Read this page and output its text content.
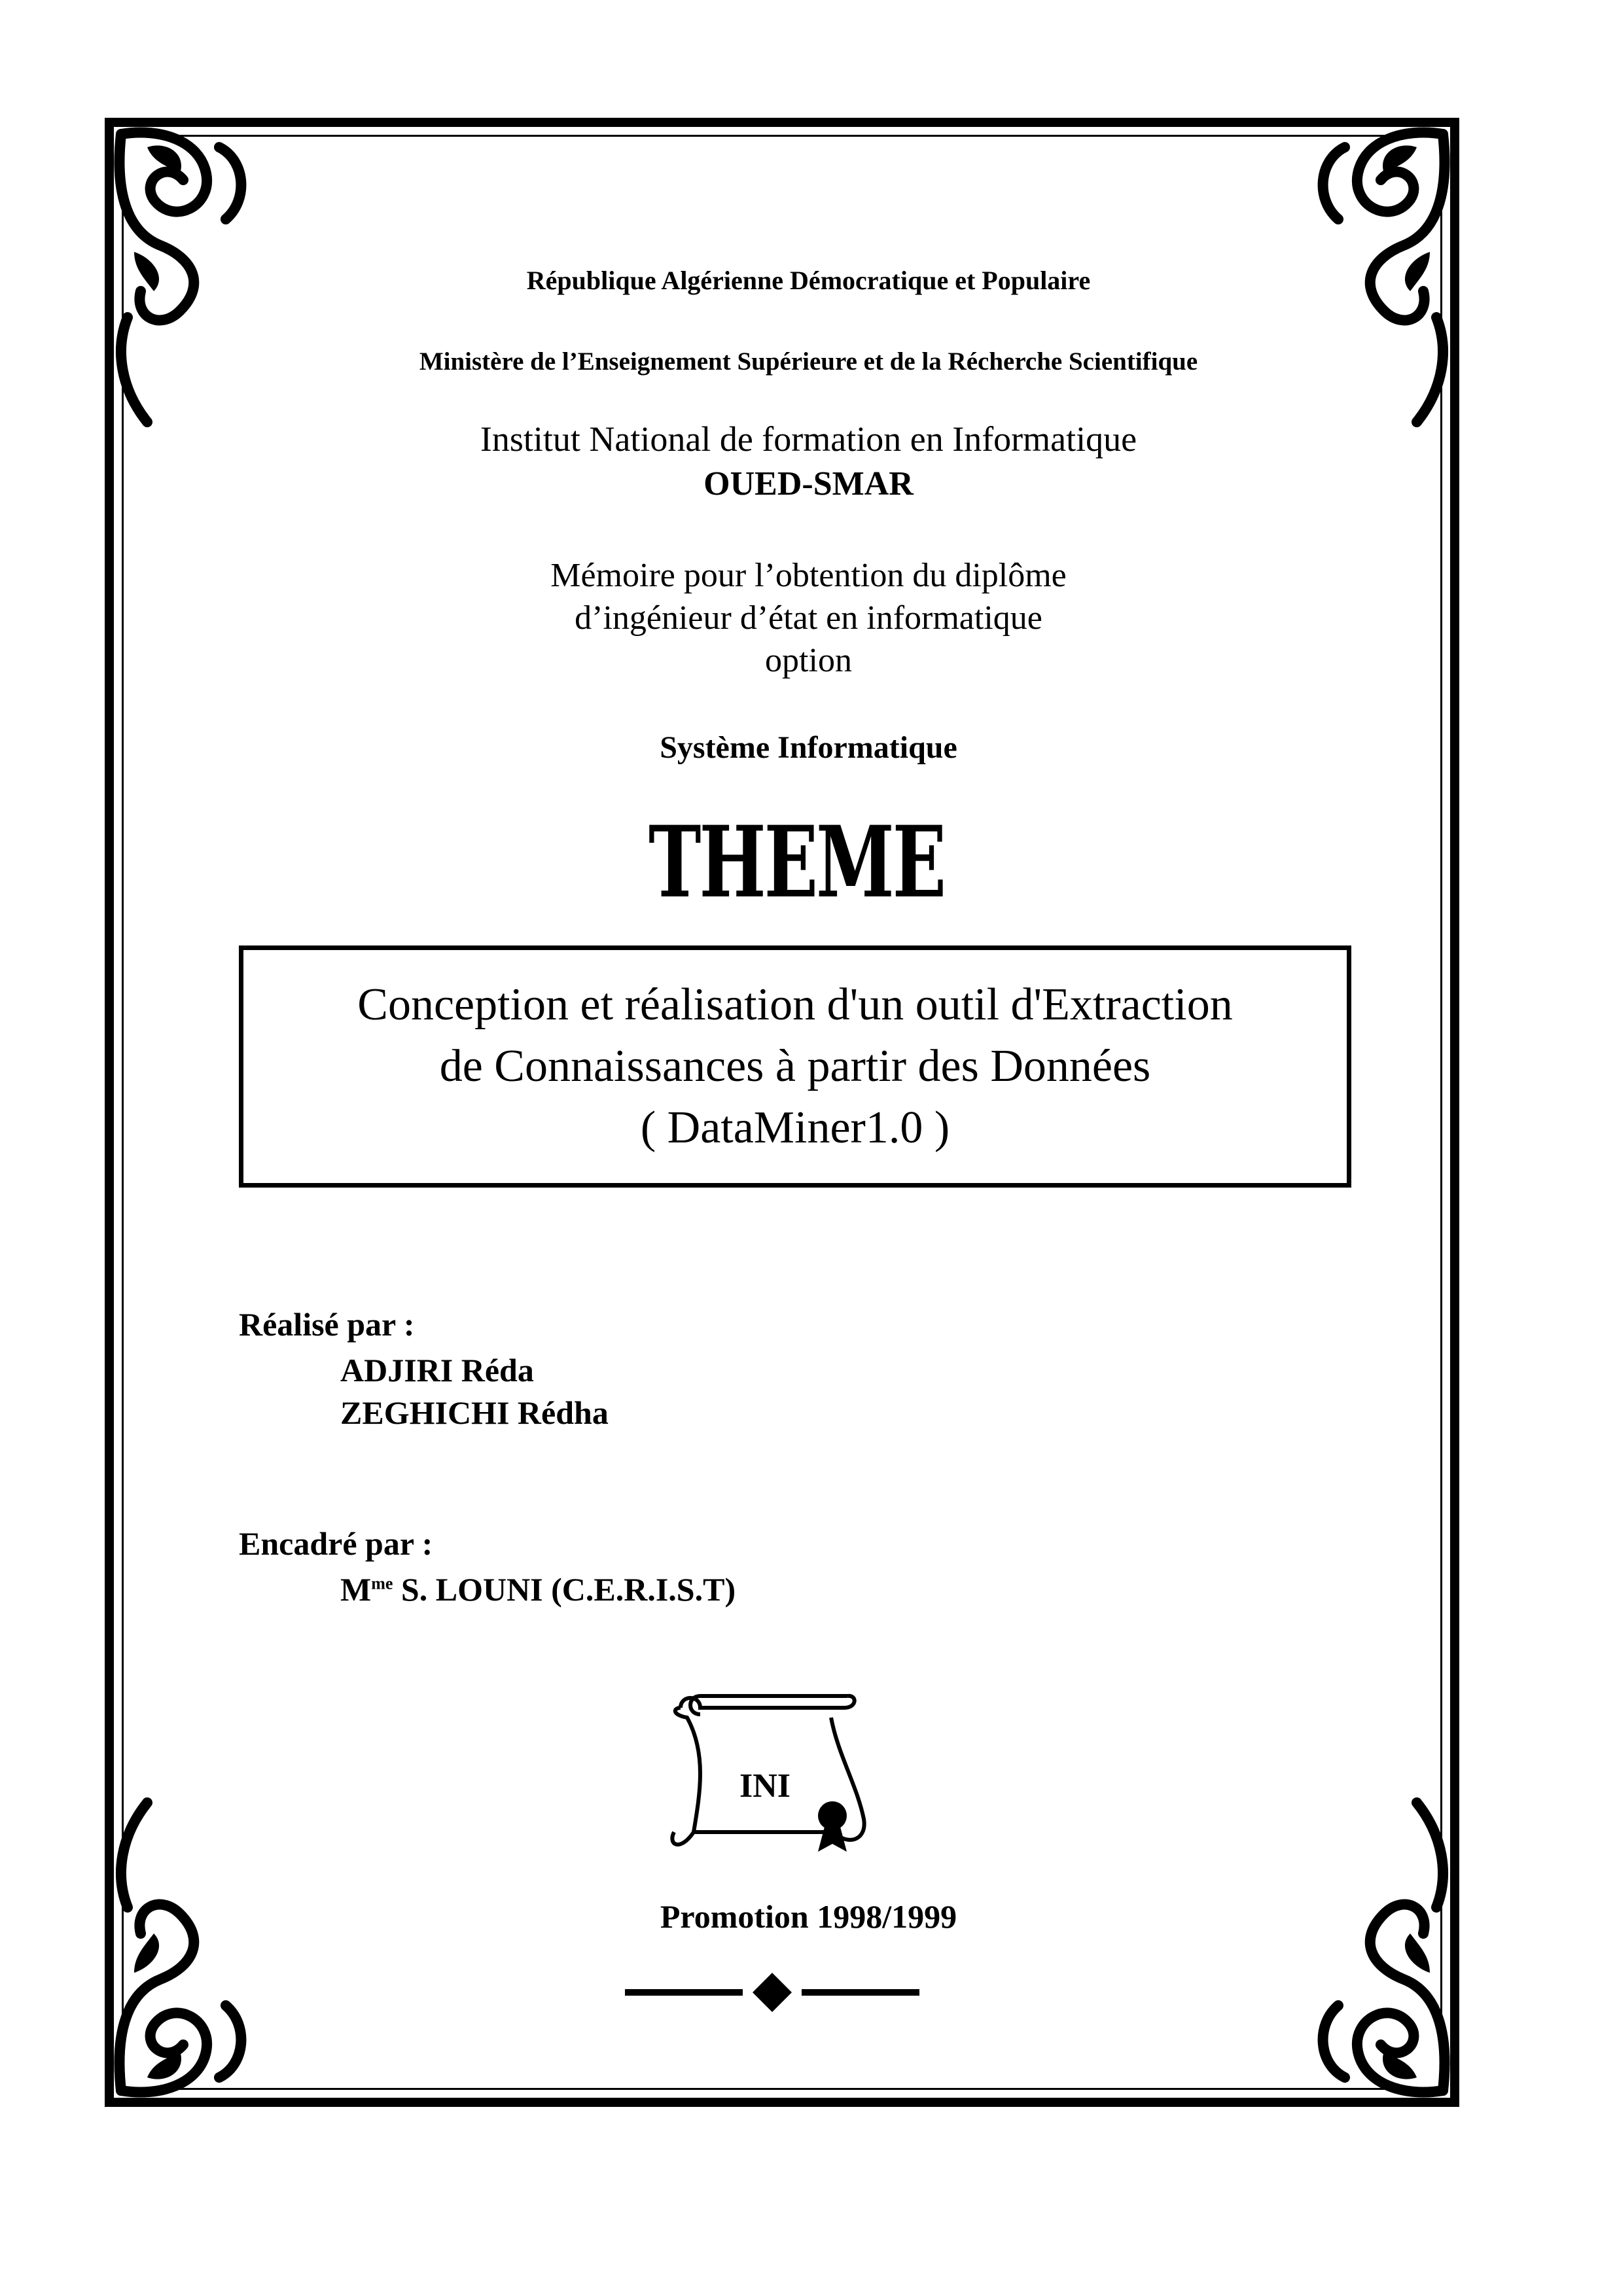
République Algérienne Démocratique et Populaire
Ministère de l’Enseignement Supérieure et de la Récherche Scientifique
Institut National de formation en Informatique
OUED-SMAR
Mémoire pour l’obtention du diplôme
d’ingénieur d’état en informatique
option
Système Informatique
THEME
Conception et réalisation d'un outil d'Extraction
de Connaissances à partir des Données
( DataMiner1.0 )
Réalisé par :
ADJIRI Réda
ZEGHICHI Rédha
Encadré par :
$M^{me}$ S. LOUNI (C.E.R.I.S.T)
INI
Promotion 1998/1999
